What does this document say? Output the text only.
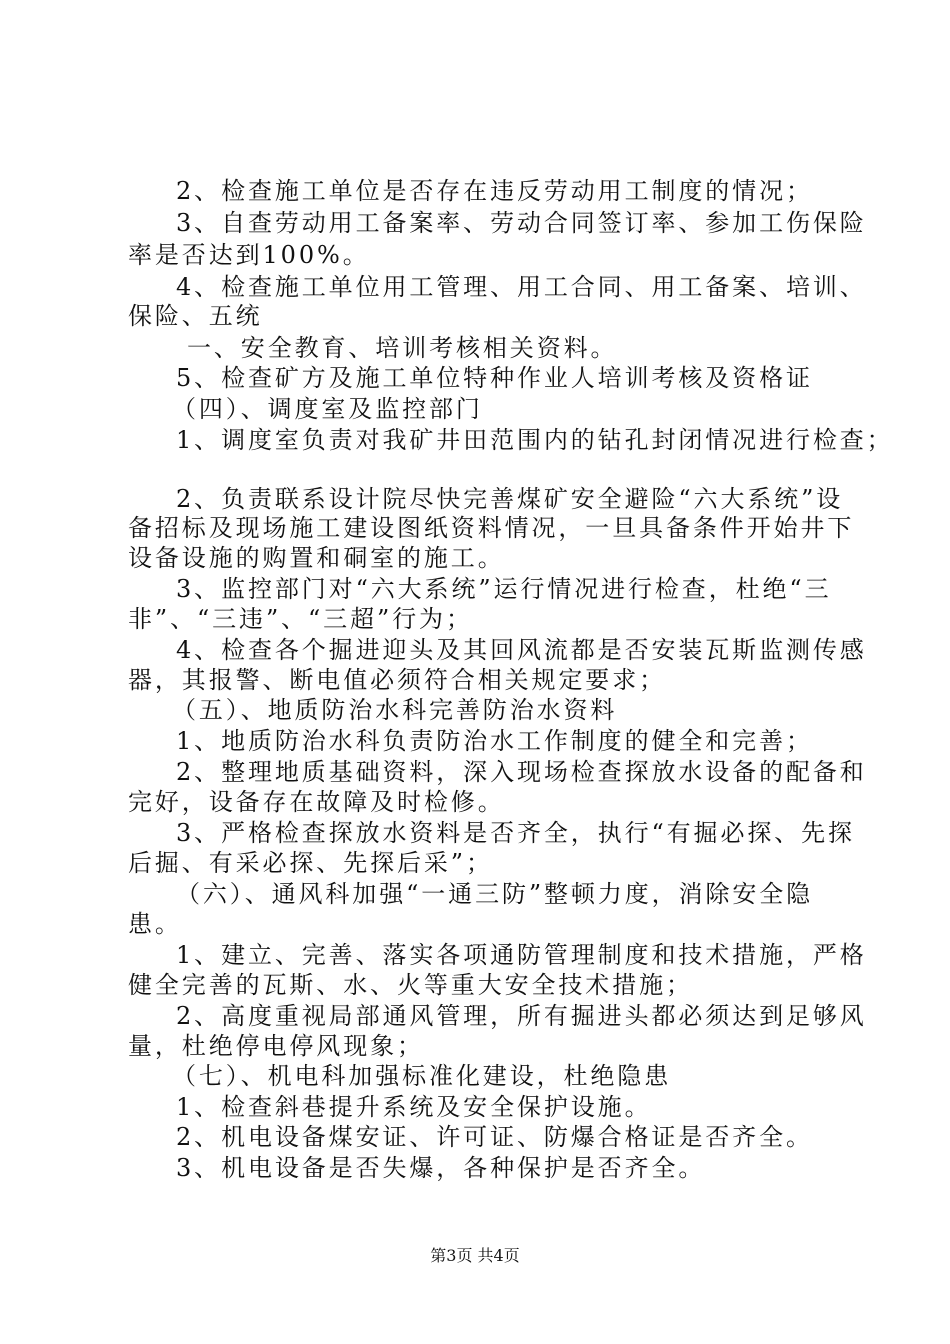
2、检查施工单位是否存在违反劳动用工制度的情况；
3、自查劳动用工备案率、劳动合同签订率、参加工伤保险
率是否达到100%。
4、检查施工单位用工管理、用工合同、用工备案、培训、
保险、五统
一、安全教育、培训考核相关资料。
5、检查矿方及施工单位特种作业人培训考核及资格证
（四）、调度室及监控部门
1、调度室负责对我矿井田范围内的钻孔封闭情况进行检查；
2、负责联系设计院尽快完善煤矿安全避险“六大系统”设
备招标及现场施工建设图纸资料情况，一旦具备条件开始井下
设备设施的购置和硐室的施工。
3、监控部门对“六大系统”运行情况进行检查，杜绝“三
非”、“三违”、“三超”行为；
4、检查各个掘进迎头及其回风流都是否安装瓦斯监测传感
器，其报警、断电值必须符合相关规定要求；
（五）、地质防治水科完善防治水资料
1、地质防治水科负责防治水工作制度的健全和完善；
2、整理地质基础资料，深入现场检查探放水设备的配备和
完好，设备存在故障及时检修。
3、严格检查探放水资料是否齐全，执行“有掘必探、先探
后掘、有采必探、先探后采”；
（六）、通风科加强“一通三防”整顿力度，消除安全隐
患。
1、建立、完善、落实各项通防管理制度和技术措施，严格
健全完善的瓦斯、水、火等重大安全技术措施；
2、高度重视局部通风管理，所有掘进头都必须达到足够风
量，杜绝停电停风现象；
（七）、机电科加强标准化建设，杜绝隐患
1、检查斜巷提升系统及安全保护设施。
2、机电设备煤安证、许可证、防爆合格证是否齐全。
3、机电设备是否失爆，各种保护是否齐全。
第3页 共4页
